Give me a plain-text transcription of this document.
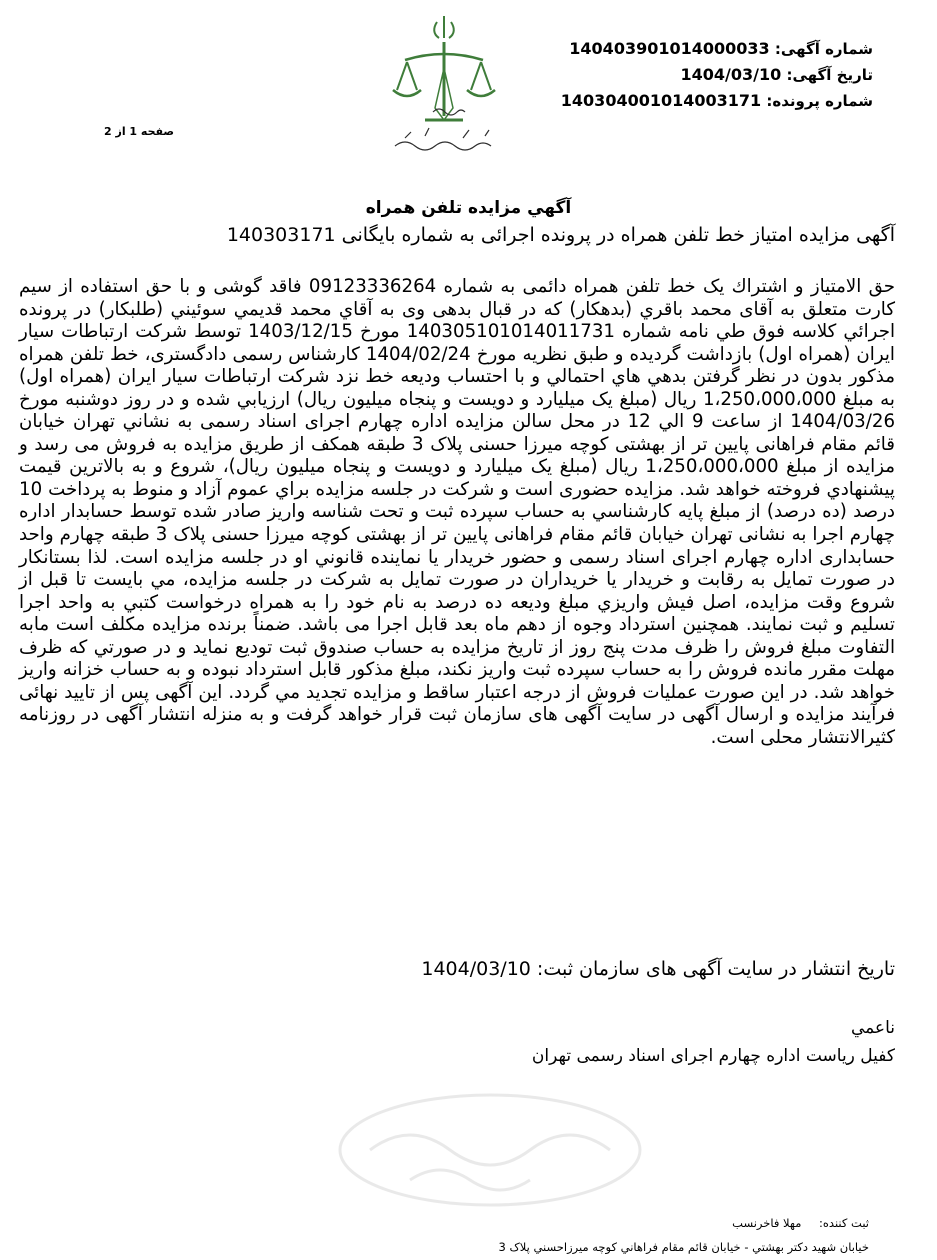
شماره آگهی: 140403901014000033
تاريخ آگهی: 1404/03/10
شماره پرونده: 14030400101400317​1
صفحه 1 از 2
آگهي مزايده تلفن همراه
آگهی مزایده امتیاز خط تلفن همراه در پرونده اجرائی به شماره بایگانی 140303171
حق الامتياز و اشتراك يک خط تلفن همراه دائمی به شماره 09123336264 فاقد گوشی و با حق استفاده از سيم كارت متعلق به آقای محمد باقري (بدهكار) كه در قبال بدهی وی به آقاي محمد قديمي سوئيني (طلبكار) در پرونده اجرائي كلاسه فوق طي نامه شماره 140305101014011731 مورخ 1403/12/15 توسط شركت ارتباطات سيار ايران (همراه اول) بازداشت گرديده و طبق نظريه مورخ 1404/02/24 كارشناس رسمی دادگستری، خط تلفن همراه مذكور بدون در نظر گرفتن بدهي هاي احتمالي و با احتساب وديعه خط نزد شركت ارتباطات سيار ايران (همراه اول) به مبلغ 1،250،000،000 ريال (مبلغ يک ميليارد و دويست و پنجاه ميليون ريال) ارزيابي شده و در روز دوشنبه مورخ 1404/03/26 از ساعت 9 الي 12 در محل سالن مزايده اداره چهارم اجرای اسناد رسمی به نشاني تهران خيابان قائم مقام فراهانی پايين تر از بهشتی كوچه ميرزا حسنی پلاک 3 طبقه همكف از طريق مزايده به فروش می رسد و مزايده از مبلغ 1،250،000،000 ريال (مبلغ يک ميليارد و دويست و پنجاه ميليون ريال)، شروع و به بالاترين قيمت پيشنهادي فروخته خواهد شد. مزايده حضوری است و شركت در جلسه مزايده براي عموم آزاد و منوط به پرداخت 10 درصد (ده درصد) از مبلغ پايه كارشناسي به حساب سپرده ثبت و تحت شناسه واريز صادر شده توسط حسابدار اداره چهارم اجرا به نشانی تهران خيابان قائم مقام فراهانی پايين تر از بهشتی كوچه ميرزا حسنی پلاک 3 طبقه چهارم واحد حسابداری اداره چهارم اجرای اسناد رسمی و حضور خريدار يا نماينده قانوني او در جلسه مزايده است. لذا بستانكار در صورت تمايل به رقابت و خريدار يا خريداران در صورت تمايل به شركت در جلسه مزايده، مي بايست تا قبل از شروع وقت مزايده، اصل فيش واريزي مبلغ وديعه ده درصد به نام خود را به همراه درخواست كتبي به واحد اجرا تسليم و ثبت نمايند. همچنين استرداد وجوه از دهم ماه بعد قابل اجرا می باشد. ضمناً برنده مزايده مكلف است مابه التفاوت مبلغ فروش را ظرف مدت پنج روز از تاريخ مزايده به حساب صندوق ثبت توديع نمايد و در صورتي كه ظرف مهلت مقرر مانده فروش را به حساب سپرده ثبت واريز نكند، مبلغ مذكور قابل استرداد نبوده و به حساب خزانه واريز خواهد شد. در اين صورت عمليات فروش از درجه اعتبار ساقط و مزايده تجديد مي گردد. اين آگهی پس از تاييد نهائی فرآيند مزايده و ارسال آگهی در سايت آگهی های سازمان ثبت قرار خواهد گرفت و به منزله انتشار آگهی در روزنامه كثيرالانتشار محلی است.
تاريخ انتشار در سايت آگهی های سازمان ثبت: 1404/03/10
ناعمي
كفيل رياست اداره چهارم اجرای اسناد رسمی تهران
ثبت كننده: مهلا فاخرنسب
خيابان شهيد دكتر بهشتي - خيابان قائم مقام فراهاني كوچه ميرزاحسني پلاک 3
